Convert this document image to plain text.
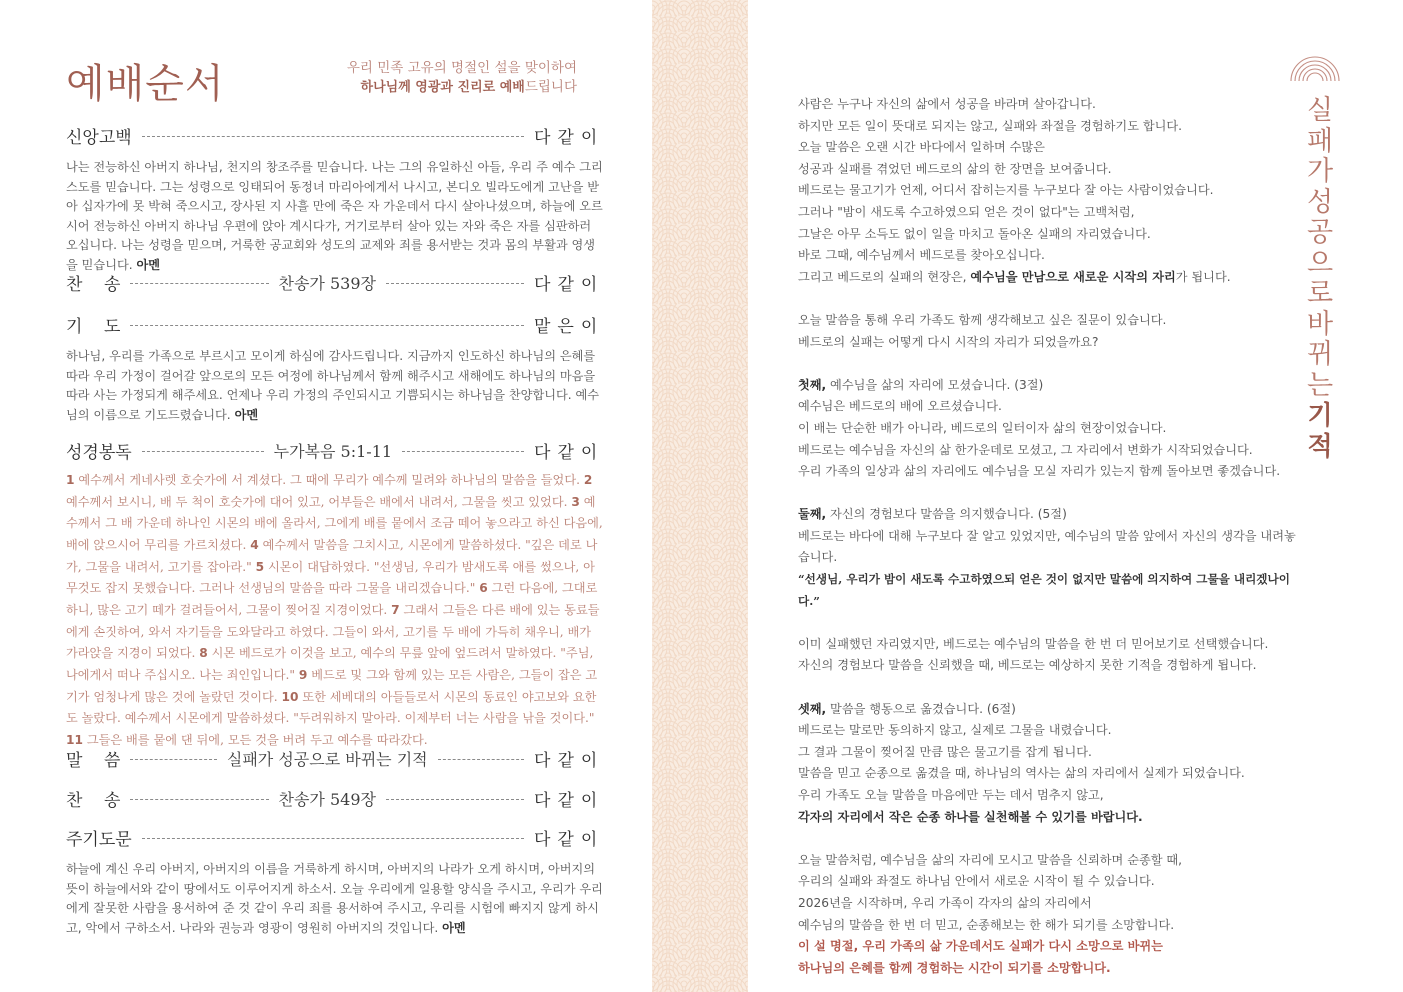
예배순서	우리 민족 고유의 명절인 설을 맞이하여
하나님께 영광과 진리로 예배드립니다
신앙고백	다같이

나는 전능하신 아버지 하나님, 천지의 창조주를 믿습니다. 나는 그의 유일하신 아들, 우리 주 예수 그리스도를 믿습니다. 그는 성령으로 잉태되어 동정녀 마리아에게서 나시고, 본디오 빌라도에게 고난을 받아 십자가에 못 박혀 죽으시고, 장사된 지 사흘 만에 죽은 자 가운데서 다시 살아나셨으며, 하늘에 오르시어 전능하신 아버지 하나님 우편에 앉아 계시다가, 거기로부터 살아 있는 자와 죽은 자를 심판하러 오십니다. 나는 성령을 믿으며, 거룩한 공교회와 성도의 교제와 죄를 용서받는 것과 몸의 부활과 영생을 믿습니다. 아멘

찬    송	찬송가 539장	다같이
기    도	맡은이

하나님, 우리를 가족으로 부르시고 모이게 하심에 감사드립니다. 지금까지 인도하신 하나님의 은혜를 따라 우리 가정이 걸어갈 앞으로의 모든 여정에 하나님께서 함께 해주시고 새해에도 하나님의 마음을 따라 사는 가정되게 해주세요. 언제나 우리 가정의 주인되시고 기쁨되시는 하나님을 찬양합니다. 예수님의 이름으로 기도드렸습니다. 아멘

성경봉독	누가복음 5:1-11	다같이

1 예수께서 게네사렛 호숫가에 서 계셨다. 그 때에 무리가 예수께 밀려와 하나님의 말씀을 들었다. 2 예수께서 보시니, 배 두 척이 호숫가에 대어 있고, 어부들은 배에서 내려서, 그물을 씻고 있었다. 3 예수께서 그 배 가운데 하나인 시몬의 배에 올라서, 그에게 배를 뭍에서 조금 떼어 놓으라고 하신 다음에, 배에 앉으시어 무리를 가르치셨다. 4 예수께서 말씀을 그치시고, 시몬에게 말씀하셨다. "깊은 데로 나가, 그물을 내려서, 고기를 잡아라." 5 시몬이 대답하였다. "선생님, 우리가 밤새도록 애를 썼으나, 아무것도 잡지 못했습니다. 그러나 선생님의 말씀을 따라 그물을 내리겠습니다." 6 그런 다음에, 그대로 하니, 많은 고기 떼가 걸려들어서, 그물이 찢어질 지경이었다. 7 그래서 그들은 다른 배에 있는 동료들에게 손짓하여, 와서 자기들을 도와달라고 하였다. 그들이 와서, 고기를 두 배에 가득히 채우니, 배가 가라앉을 지경이 되었다. 8 시몬 베드로가 이것을 보고, 예수의 무릎 앞에 엎드려서 말하였다. "주님, 나에게서 떠나 주십시오. 나는 죄인입니다." 9 베드로 및 그와 함께 있는 모든 사람은, 그들이 잡은 고기가 엄청나게 많은 것에 놀랐던 것이다. 10 또한 세베대의 아들들로서 시몬의 동료인 야고보와 요한도 놀랐다. 예수께서 시몬에게 말씀하셨다. "두려워하지 말아라. 이제부터 너는 사람을 낚을 것이다." 11 그들은 배를 뭍에 댄 뒤에, 모든 것을 버려 두고 예수를 따라갔다.

말    씀	실패가 성공으로 바뀌는 기적	다같이
찬    송	찬송가 549장	다같이
주기도문	다같이

하늘에 계신 우리 아버지, 아버지의 이름을 거룩하게 하시며, 아버지의 나라가 오게 하시며, 아버지의 뜻이 하늘에서와 같이 땅에서도 이루어지게 하소서. 오늘 우리에게 일용할 양식을 주시고, 우리가 우리에게 잘못한 사람을 용서하여 준 것 같이 우리 죄를 용서하여 주시고, 우리를 시험에 빠지지 않게 하시고, 악에서 구하소서. 나라와 권능과 영광이 영원히 아버지의 것입니다. 아멘

실
패
가
성
공
으
로
바
뀌
는
기
적

사람은 누구나 자신의 삶에서 성공을 바라며 살아갑니다.

하지만 모든 일이 뜻대로 되지는 않고, 실패와 좌절을 경험하기도 합니다.

오늘 말씀은 오랜 시간 바다에서 일하며 수많은

성공과 실패를 겪었던 베드로의 삶의 한 장면을 보여줍니다.

베드로는 물고기가 언제, 어디서 잡히는지를 누구보다 잘 아는 사람이었습니다.

그러나 "밤이 새도록 수고하였으되 얻은 것이 없다"는 고백처럼,

그날은 아무 소득도 없이 일을 마치고 돌아온 실패의 자리였습니다.

바로 그때, 예수님께서 베드로를 찾아오십니다.

그리고 베드로의 실패의 현장은, 예수님을 만남으로 새로운 시작의 자리가 됩니다.

오늘 말씀을 통해 우리 가족도 함께 생각해보고 싶은 질문이 있습니다.

베드로의 실패는 어떻게 다시 시작의 자리가 되었을까요?

첫째, 예수님을 삶의 자리에 모셨습니다. (3절)

예수님은 베드로의 배에 오르셨습니다.

이 배는 단순한 배가 아니라, 베드로의 일터이자 삶의 현장이었습니다.

베드로는 예수님을 자신의 삶 한가운데로 모셨고, 그 자리에서 변화가 시작되었습니다.

우리 가족의 일상과 삶의 자리에도 예수님을 모실 자리가 있는지 함께 돌아보면 좋겠습니다.

둘째, 자신의 경험보다 말씀을 의지했습니다. (5절)

베드로는 바다에 대해 누구보다 잘 알고 있었지만, 예수님의 말씀 앞에서 자신의 생각을 내려놓습니다.

“선생님, 우리가 밤이 새도록 수고하였으되 얻은 것이 없지만 말씀에 의지하여 그물을 내리겠나이다.”

이미 실패했던 자리였지만, 베드로는 예수님의 말씀을 한 번 더 믿어보기로 선택했습니다.

자신의 경험보다 말씀을 신뢰했을 때, 베드로는 예상하지 못한 기적을 경험하게 됩니다.

셋째, 말씀을 행동으로 옮겼습니다. (6절)

베드로는 말로만 동의하지 않고, 실제로 그물을 내렸습니다.

그 결과 그물이 찢어질 만큼 많은 물고기를 잡게 됩니다.

말씀을 믿고 순종으로 옮겼을 때, 하나님의 역사는 삶의 자리에서 실제가 되었습니다.

우리 가족도 오늘 말씀을 마음에만 두는 데서 멈추지 않고,

각자의 자리에서 작은 순종 하나를 실천해볼 수 있기를 바랍니다.

오늘 말씀처럼, 예수님을 삶의 자리에 모시고 말씀을 신뢰하며 순종할 때,

우리의 실패와 좌절도 하나님 안에서 새로운 시작이 될 수 있습니다.

2026년을 시작하며, 우리 가족이 각자의 삶의 자리에서

예수님의 말씀을 한 번 더 믿고, 순종해보는 한 해가 되기를 소망합니다.

이 설 명절, 우리 가족의 삶 가운데서도 실패가 다시 소망으로 바뀌는

하나님의 은혜를 함께 경험하는 시간이 되기를 소망합니다.
